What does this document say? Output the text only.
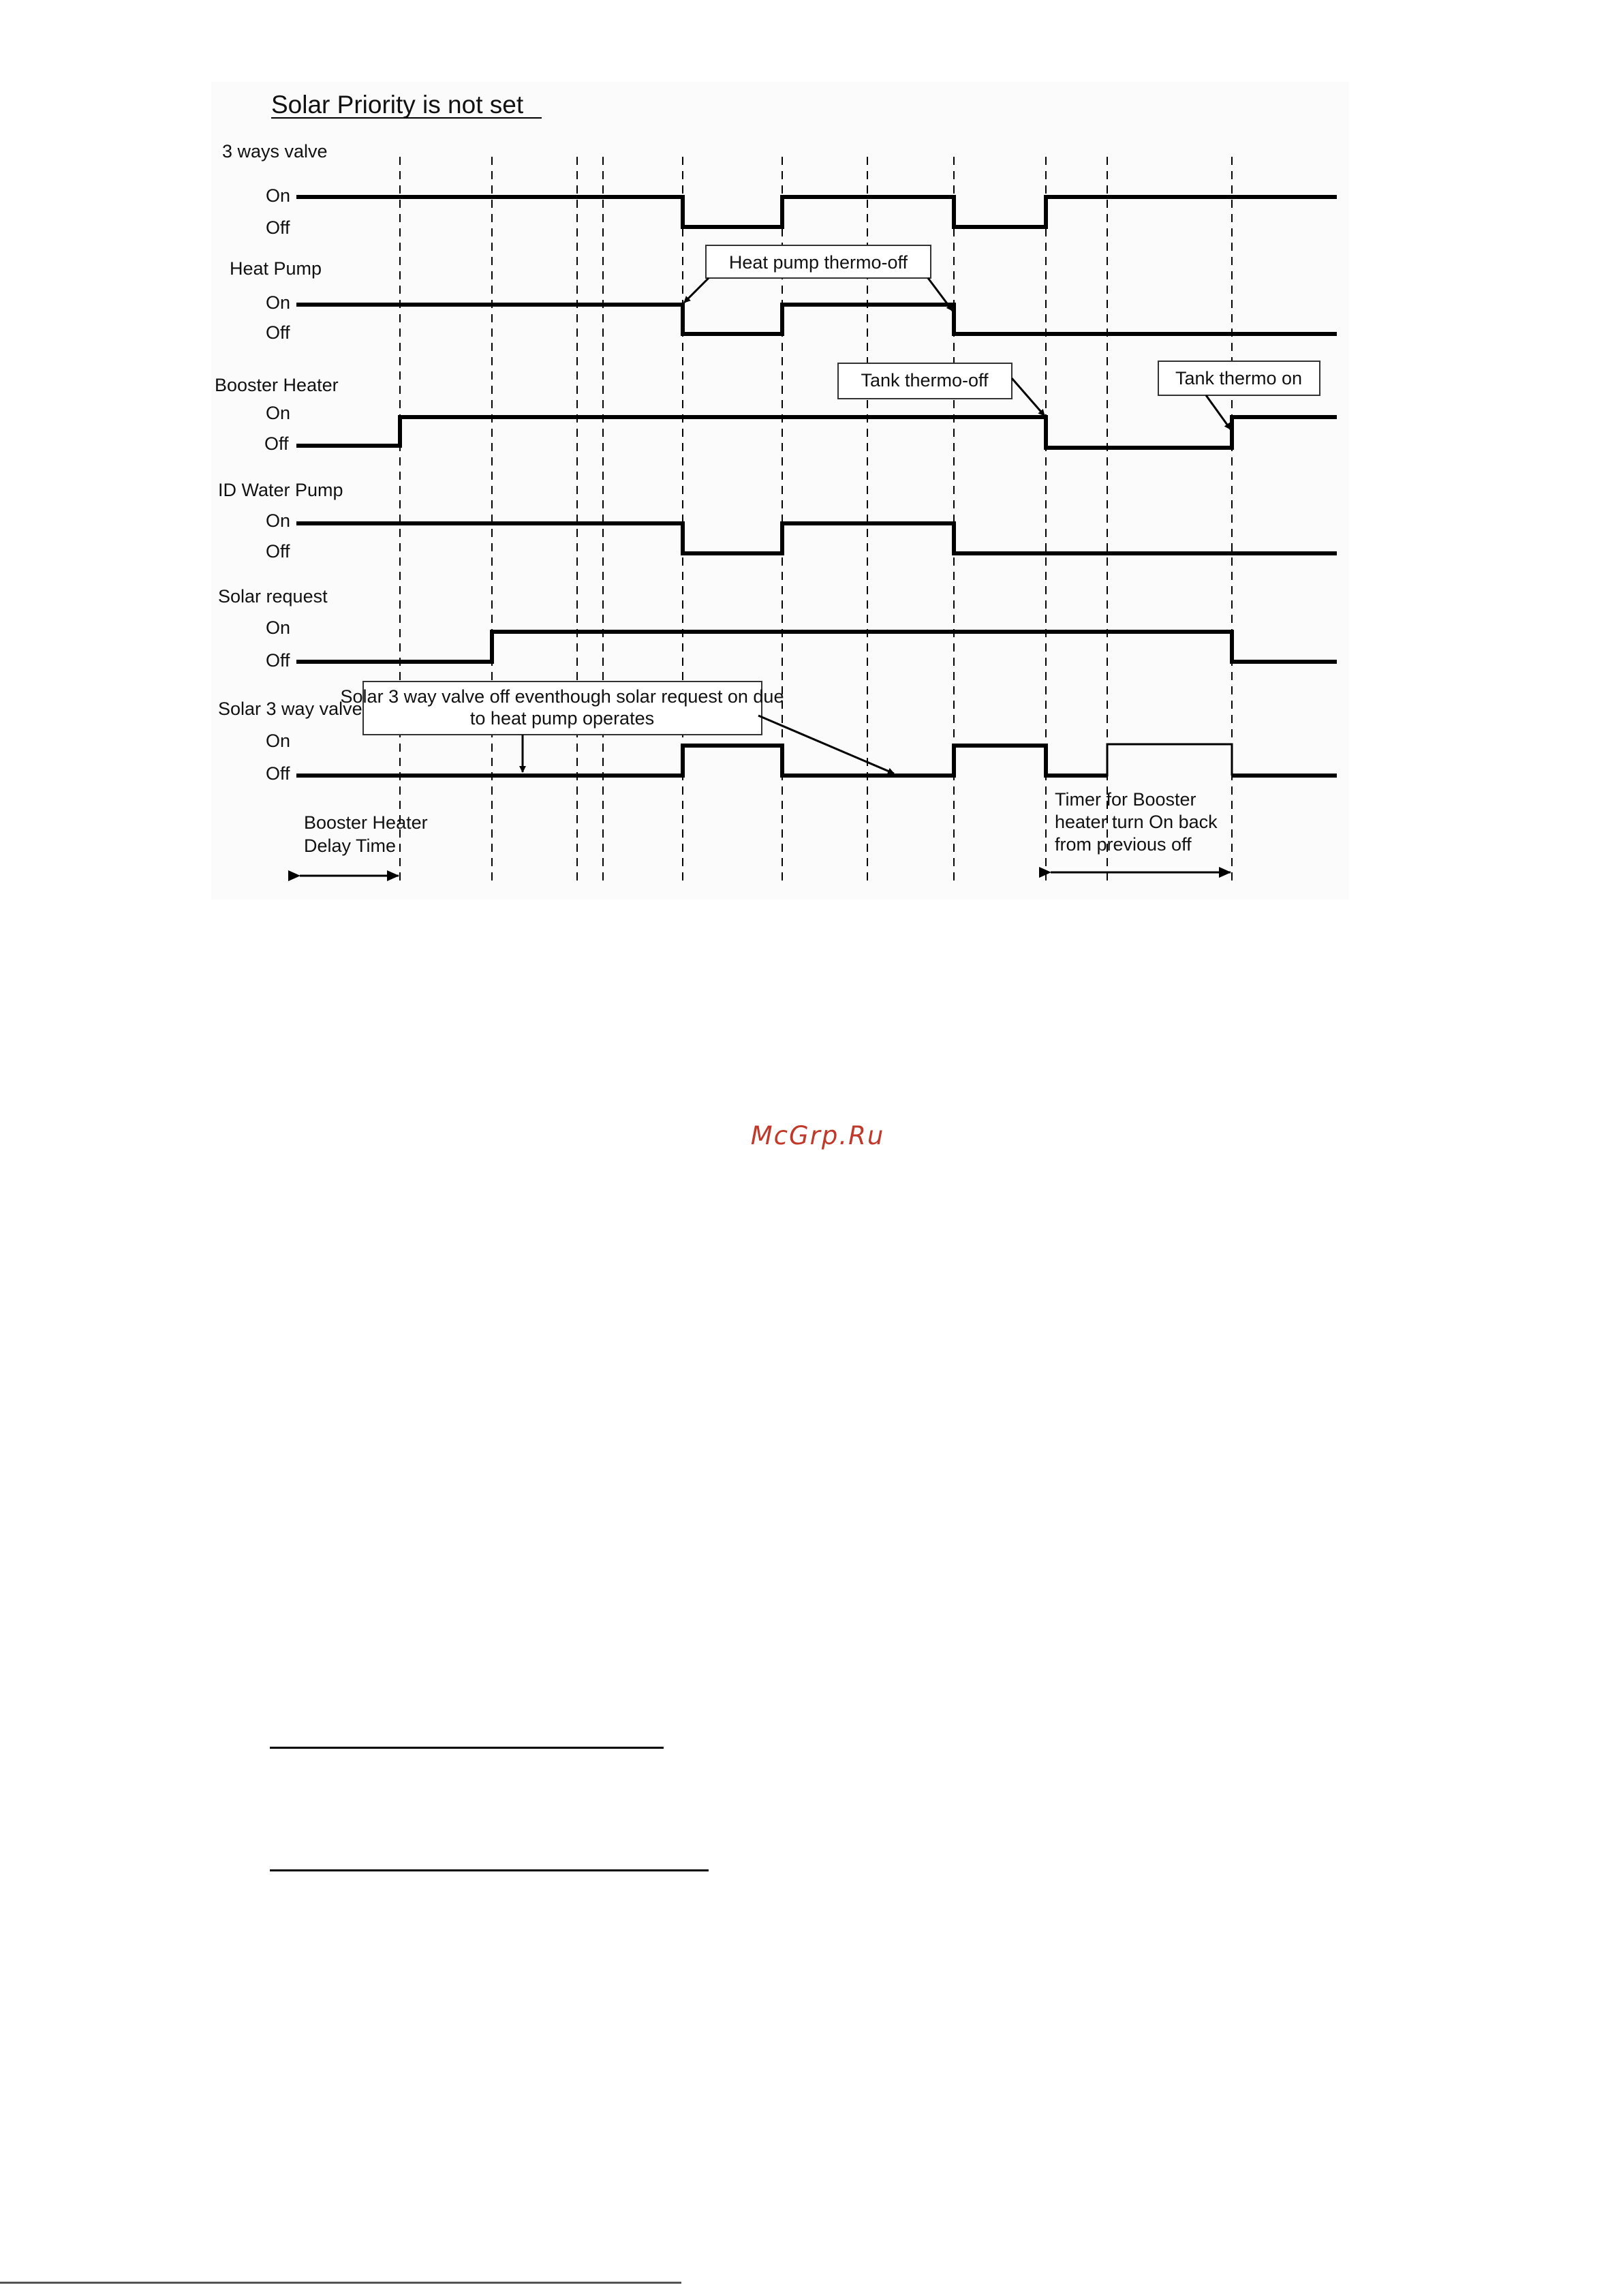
Solar Priority is not set
3 ways valve
On
Off
Heat Pump
On
Off
Heat pump thermo-off
Booster Heater
On
Off
Tank thermo-off	Tank thermo on
ID Water Pump
On
Off
Solar request
On
Off
Solar 3 way valve
On
Off
Solar 3 way valve off eventhough solar request on due
to heat pump operates
Booster Heater
Delay Time
Timer for Booster
heater turn On back
from previous off
McGrp.Ru
